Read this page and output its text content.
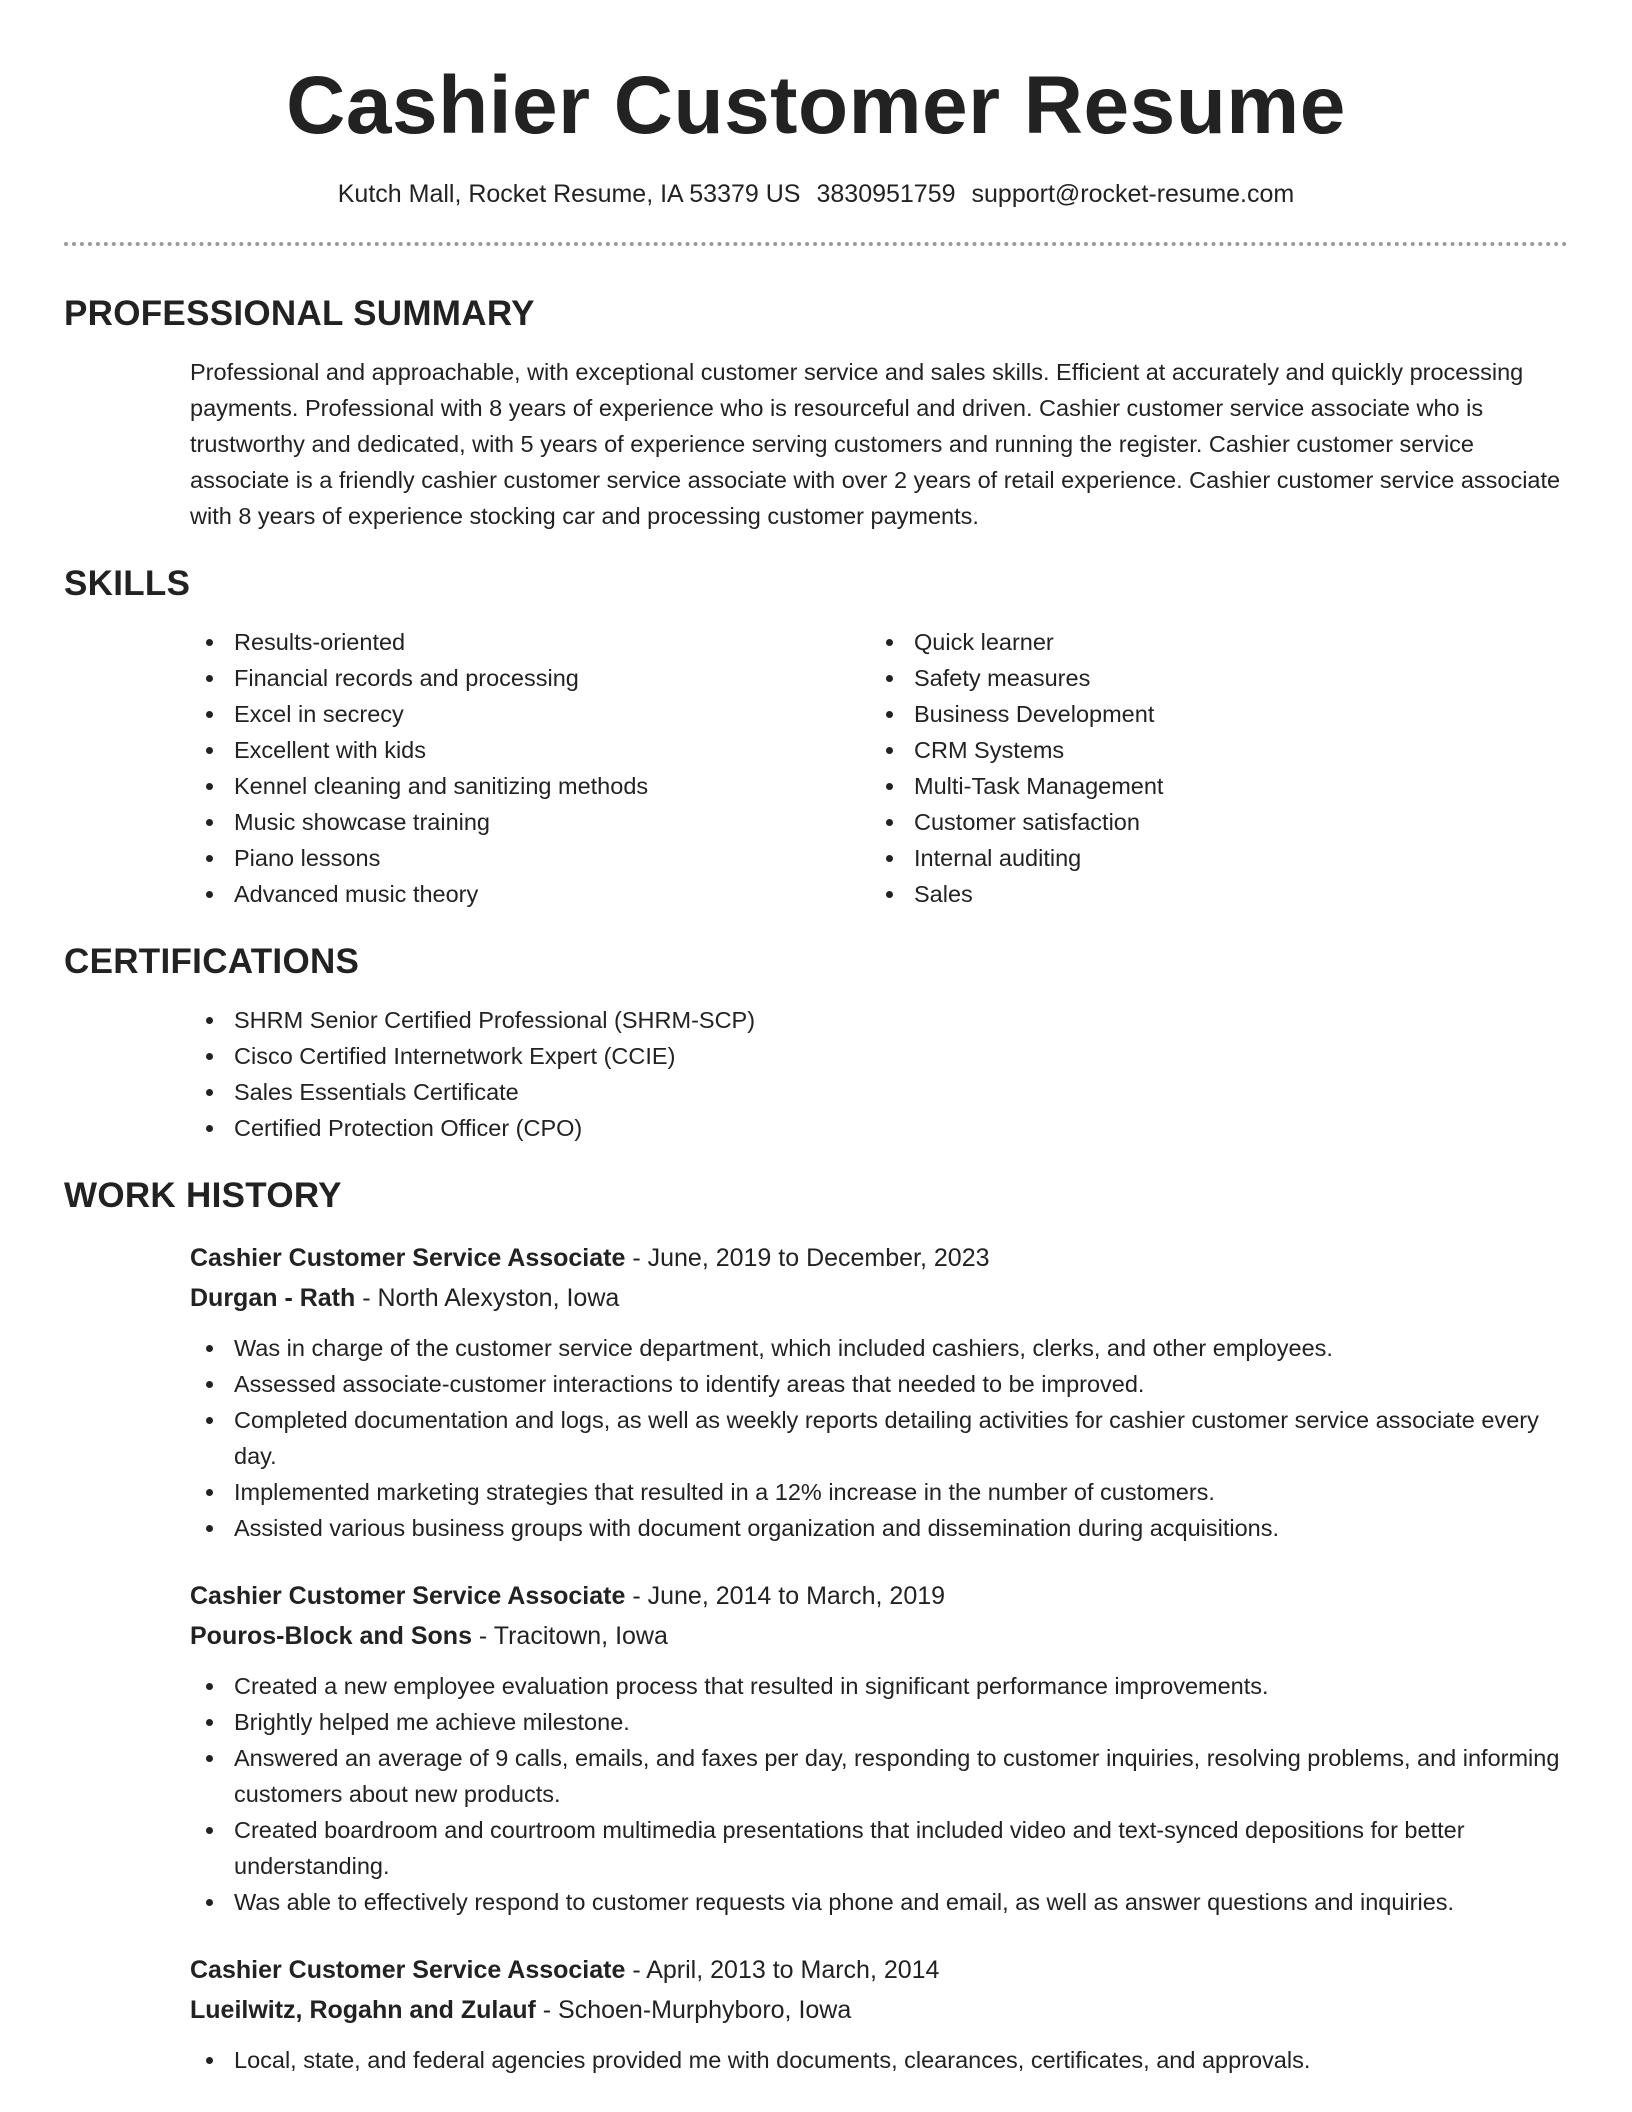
Cashier Customer Resume
Kutch Mall, Rocket Resume, IA 53379 US 3830951759 support@rocket-resume.com
PROFESSIONAL SUMMARY

Professional and approachable, with exceptional customer service and sales skills. Efficient at accurately and quickly processing payments. Professional with 8 years of experience who is resourceful and driven. Cashier customer service associate who is trustworthy and dedicated, with 5 years of experience serving customers and running the register. Cashier customer service associate is a friendly cashier customer service associate with over 2 years of retail experience. Cashier customer service associate with 8 years of experience stocking car and processing customer payments.

SKILLS
Results-oriented
Financial records and processing
Excel in secrecy
Excellent with kids
Kennel cleaning and sanitizing methods
Music showcase training
Piano lessons
Advanced music theory
Quick learner
Safety measures
Business Development
CRM Systems
Multi-Task Management
Customer satisfaction
Internal auditing
Sales
CERTIFICATIONS
SHRM Senior Certified Professional (SHRM-SCP)
Cisco Certified Internetwork Expert (CCIE)
Sales Essentials Certificate
Certified Protection Officer (CPO)
WORK HISTORY
Cashier Customer Service Associate - June, 2019 to December, 2023
Durgan - Rath - North Alexyston, Iowa
Was in charge of the customer service department, which included cashiers, clerks, and other employees.
Assessed associate-customer interactions to identify areas that needed to be improved.
Completed documentation and logs, as well as weekly reports detailing activities for cashier customer service associate every day.
Implemented marketing strategies that resulted in a 12% increase in the number of customers.
Assisted various business groups with document organization and dissemination during acquisitions.
Cashier Customer Service Associate - June, 2014 to March, 2019
Pouros-Block and Sons - Tracitown, Iowa
Created a new employee evaluation process that resulted in significant performance improvements.
Brightly helped me achieve milestone.
Answered an average of 9 calls, emails, and faxes per day, responding to customer inquiries, resolving problems, and informing customers about new products.
Created boardroom and courtroom multimedia presentations that included video and text-synced depositions for better understanding.
Was able to effectively respond to customer requests via phone and email, as well as answer questions and inquiries.
Cashier Customer Service Associate - April, 2013 to March, 2014
Lueilwitz, Rogahn and Zulauf - Schoen-Murphyboro, Iowa
Local, state, and federal agencies provided me with documents, clearances, certificates, and approvals.
